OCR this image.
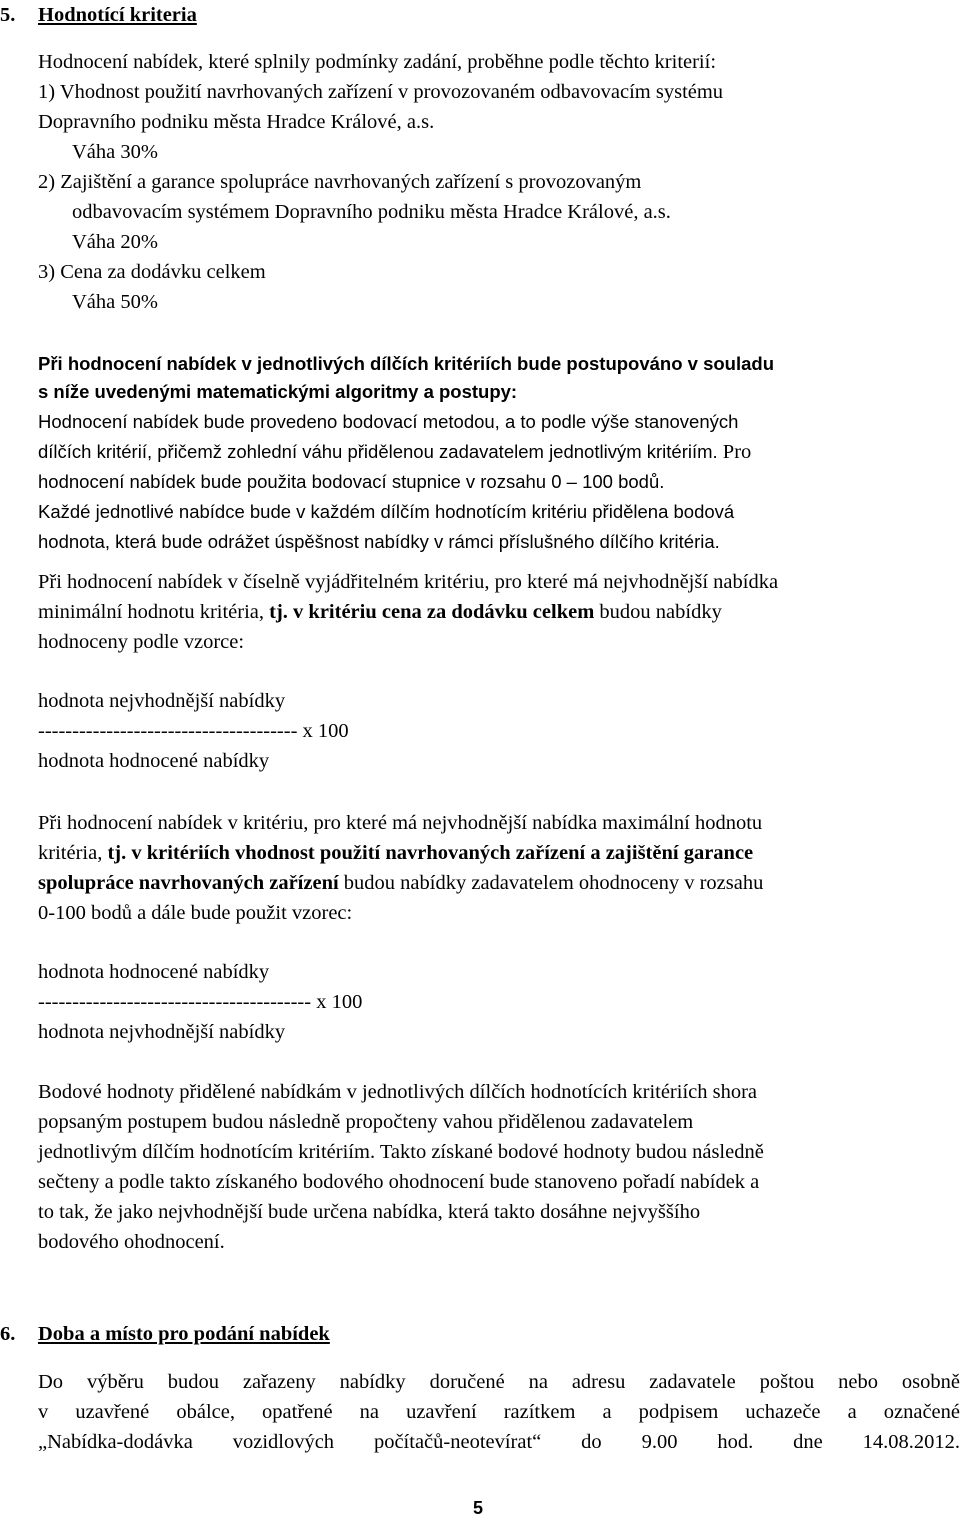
5. Hodnotící kriteria
Hodnocení nabídek, které splnily podmínky zadání, proběhne podle těchto kriterií:
1) Vhodnost použití navrhovaných zařízení v provozovaném odbavovacím systému
Dopravního podniku města Hradce Králové, a.s.
Váha 30%
2) Zajištění a garance spolupráce navrhovaných zařízení s provozovaným
odbavovacím systémem Dopravního podniku města Hradce Králové, a.s.
Váha 20%
3) Cena za dodávku celkem
Váha 50%
Při hodnocení nabídek v jednotlivých dílčích kritériích bude postupováno v souladu
s níže uvedenými matematickými algoritmy a postupy:
Hodnocení nabídek bude provedeno bodovací metodou, a to podle výše stanovených
dílčích kritérií, přičemž zohlední váhu přidělenou zadavatelem jednotlivým kritériím. Pro
hodnocení nabídek bude použita bodovací stupnice v rozsahu 0 – 100 bodů.
Každé jednotlivé nabídce bude v každém dílčím hodnotícím kritériu přidělena bodová
hodnota, která bude odrážet úspěšnost nabídky v rámci příslušného dílčího kritéria.
Při hodnocení nabídek v číselně vyjádřitelném kritériu, pro které má nejvhodnější nabídka
minimální hodnotu kritéria, tj. v kritériu cena za dodávku celkem budou nabídky
hodnoceny podle vzorce:
hodnota nejvhodnější nabídky
-------------------------------------- x 100
hodnota hodnocené nabídky
Při hodnocení nabídek v kritériu, pro které má nejvhodnější nabídka maximální hodnotu
kritéria, tj. v kritériích vhodnost použití navrhovaných zařízení a zajištění garance
spolupráce navrhovaných zařízení budou nabídky zadavatelem ohodnoceny v rozsahu
0-100 bodů a dále bude použit vzorec:
hodnota hodnocené nabídky
---------------------------------------- x 100
hodnota nejvhodnější nabídky
Bodové hodnoty přidělené nabídkám v jednotlivých dílčích hodnotících kritériích shora
popsaným postupem budou následně propočteny vahou přidělenou zadavatelem
jednotlivým dílčím hodnotícím kritériím. Takto získané bodové hodnoty budou následně
sečteny a podle takto získaného bodového ohodnocení bude stanoveno pořadí nabídek a
to tak, že jako nejvhodnější bude určena nabídka, která takto dosáhne nejvyššího
bodového ohodnocení.
6. Doba a místo pro podání nabídek
Do výběru budou zařazeny nabídky doručené na adresu zadavatele poštou nebo osobně
v uzavřené obálce, opatřené na uzavření razítkem a podpisem uchazeče a označené
„Nabídka-dodávka vozidlových počítačů-neotevírat“ do 9.00 hod. dne 14.08.2012.
5
